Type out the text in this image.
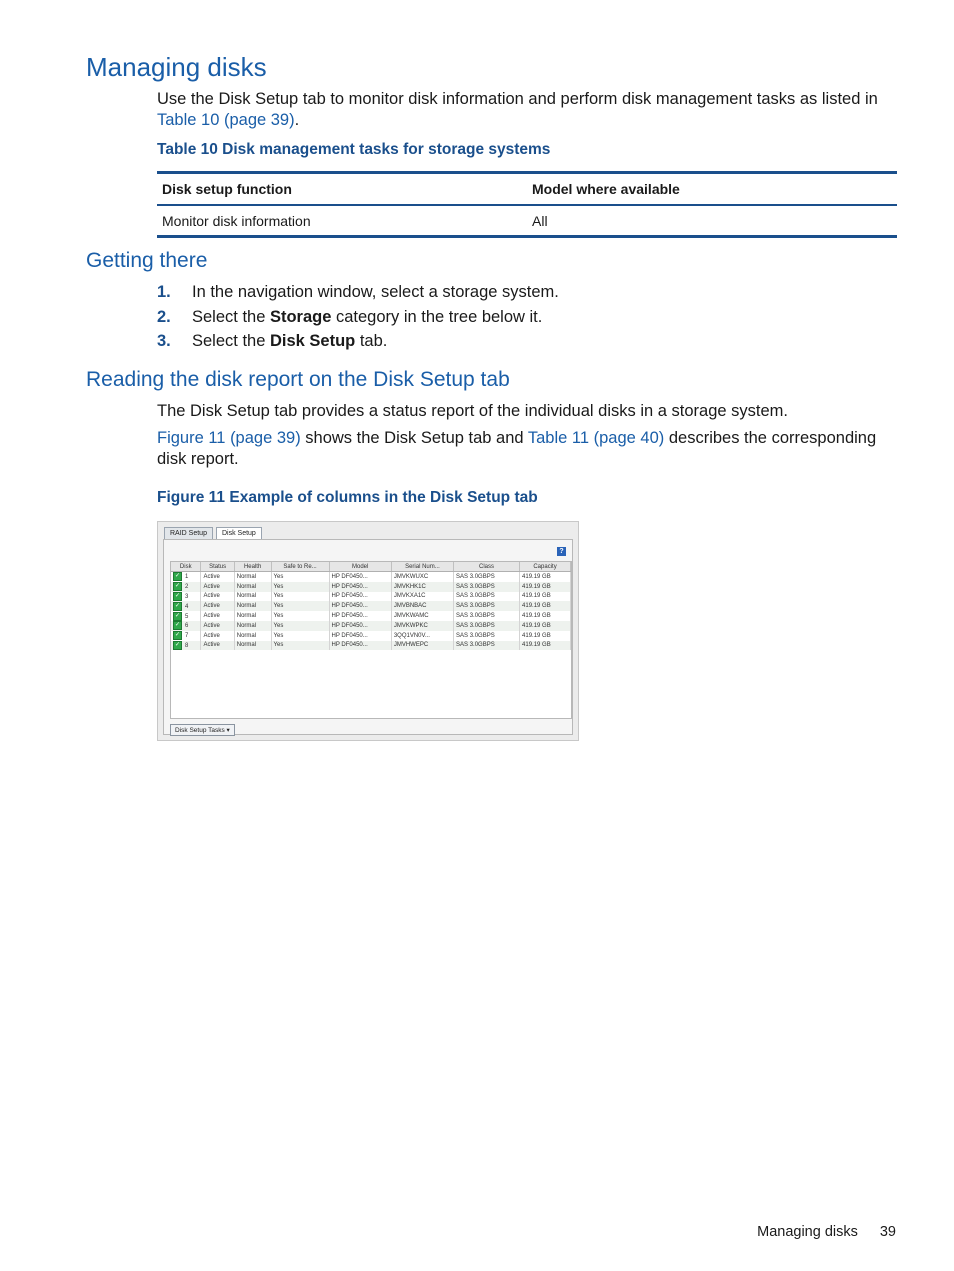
Managing disks

Use the Disk Setup tab to monitor disk information and perform disk management tasks as listed in Table 10 (page 39).

Table 10 Disk management tasks for storage systems

Disk setup function	Model where available
Monitor disk information	All
Getting there
1.	In the navigation window, select a storage system.
2.	Select the Storage category in the tree below it.
3.	Select the Disk Setup tab.
Reading the disk report on the Disk Setup tab

The Disk Setup tab provides a status report of the individual disks in a storage system.

Figure 11 (page 39) shows the Disk Setup tab and Table 11 (page 40) describes the corresponding disk report.

Figure 11 Example of columns in the Disk Setup tab

RAID Setup	Disk Setup
?
Disk	Status	Health	Safe to Re...	Model	Serial Num...	Class	Capacity
✓ 1	Active	Normal	Yes	HP DF0450...	JMVKWUXC	SAS 3.0GBPS	419.19 GB
✓ 2	Active	Normal	Yes	HP DF0450...	JMVKHK1C	SAS 3.0GBPS	419.19 GB
✓ 3	Active	Normal	Yes	HP DF0450...	JMVKXA1C	SAS 3.0GBPS	419.19 GB
✓ 4	Active	Normal	Yes	HP DF0450...	JMVBNBAC	SAS 3.0GBPS	419.19 GB
✓ 5	Active	Normal	Yes	HP DF0450...	JMVKWAMC	SAS 3.0GBPS	419.19 GB
✓ 6	Active	Normal	Yes	HP DF0450...	JMVKWPKC	SAS 3.0GBPS	419.19 GB
✓ 7	Active	Normal	Yes	HP DF0450...	3QQ1VN0V...	SAS 3.0GBPS	419.19 GB
✓ 8	Active	Normal	Yes	HP DF0450...	JMVHWEPC	SAS 3.0GBPS	419.19 GB
Disk Setup Tasks ▾
Managing disks 39
